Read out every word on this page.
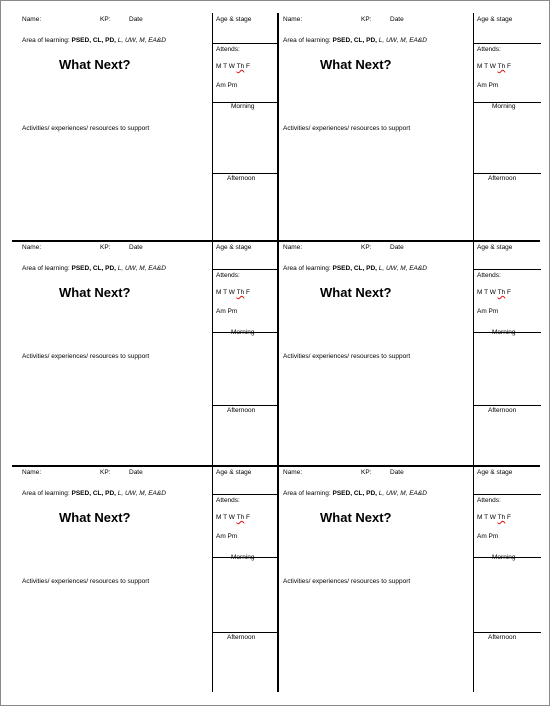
Name:	KP:	Date	Age & stage
Area of learning: PSED, CL, PD, L, UW, M, EA&D
What Next?
Attends:
M T W Th F
Am Pm
Morning
Afternoon
Activities/ experiences/ resources to support
Name:	KP:	Date	Age & stage
Area of learning: PSED, CL, PD, L, UW, M, EA&D
What Next?
Attends:
M T W Th F
Am Pm
Morning
Afternoon
Activities/ experiences/ resources to support
Name:	KP:	Date	Age & stage
Area of learning: PSED, CL, PD, L, UW, M, EA&D
What Next?
Attends:
M T W Th F
Am Pm
Morning
Afternoon
Activities/ experiences/ resources to support
Name:	KP:	Date	Age & stage
Area of learning: PSED, CL, PD, L, UW, M, EA&D
What Next?
Attends:
M T W Th F
Am Pm
Morning
Afternoon
Activities/ experiences/ resources to support
Name:	KP:	Date	Age & stage
Area of learning: PSED, CL, PD, L, UW, M, EA&D
What Next?
Attends:
M T W Th F
Am Pm
Morning
Afternoon
Activities/ experiences/ resources to support
Name:	KP:	Date	Age & stage
Area of learning: PSED, CL, PD, L, UW, M, EA&D
What Next?
Attends:
M T W Th F
Am Pm
Morning
Afternoon
Activities/ experiences/ resources to support
